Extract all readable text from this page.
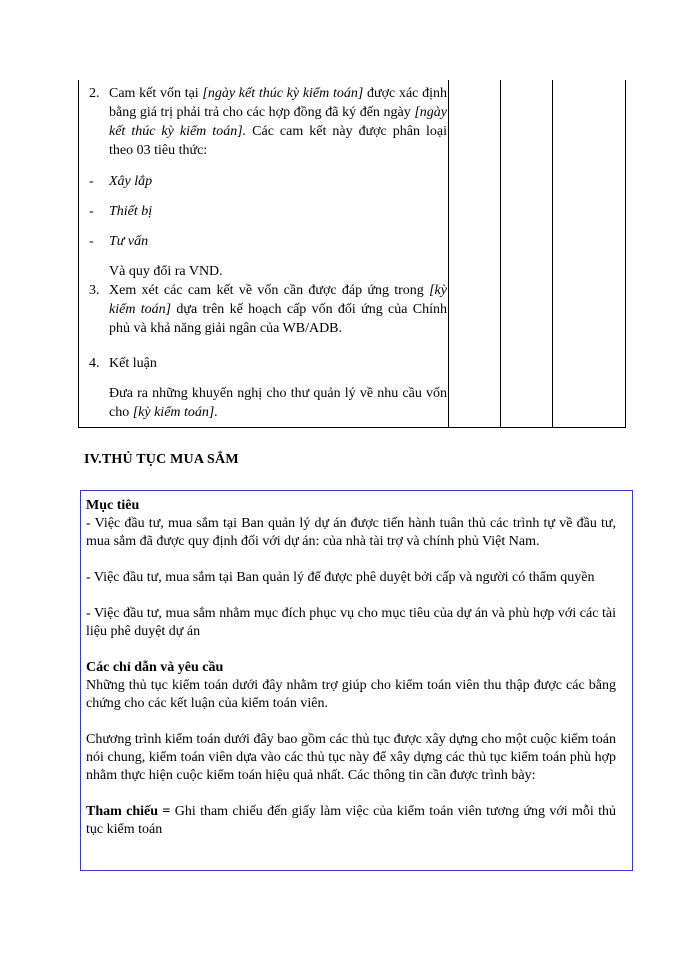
2. Cam kết vốn tại [ngày kết thúc kỳ kiểm toán] được xác định bằng giá trị phải trả cho các hợp đồng đã ký đến ngày [ngày kết thúc kỳ kiểm toán]. Các cam kết này được phân loại theo 03 tiêu thức:
- Xây lắp
- Thiết bị
- Tư vấn
Và quy đổi ra VND.
3. Xem xét các cam kết về vốn cần được đáp ứng trong [kỳ kiểm toán] dựa trên kế hoạch cấp vốn đối ứng của Chính phủ và khả năng giải ngân của WB/ADB.
4. Kết luận
Đưa ra những khuyến nghị cho thư quản lý về nhu cầu vốn cho [kỳ kiểm toán].
IV.THỦ TỤC MUA SẮM

Mục tiêu

- Việc đầu tư, mua sắm tại Ban quản lý dự án được tiến hành tuân thủ các trình tự về đầu tư, mua sắm đã được quy định đối với dự án: của nhà tài trợ và chính phủ Việt Nam.

- Việc đầu tư, mua sắm tại Ban quản lý để được phê duyệt bởi cấp và người có thẩm quyền

- Việc đầu tư, mua sắm nhằm mục đích phục vụ cho mục tiêu của dự án và phù hợp với các tài liệu phê duyệt dự án

Các chỉ dẫn và yêu cầu

Những thủ tục kiểm toán dưới đây nhằm trợ giúp cho kiểm toán viên thu thập được các bằng chứng cho các kết luận của kiểm toán viên.

Chương trình kiểm toán dưới đây bao gồm các thủ tục được xây dựng cho một cuộc kiểm toán nói chung, kiểm toán viên dựa vào các thủ tục này để xây dựng các thủ tục kiểm toán phù hợp nhằm thực hiện cuộc kiểm toán hiệu quả nhất. Các thông tin cần được trình bày:

Tham chiếu = Ghi tham chiếu đến giấy làm việc của kiểm toán viên tương ứng với mỗi thủ tục kiểm toán
